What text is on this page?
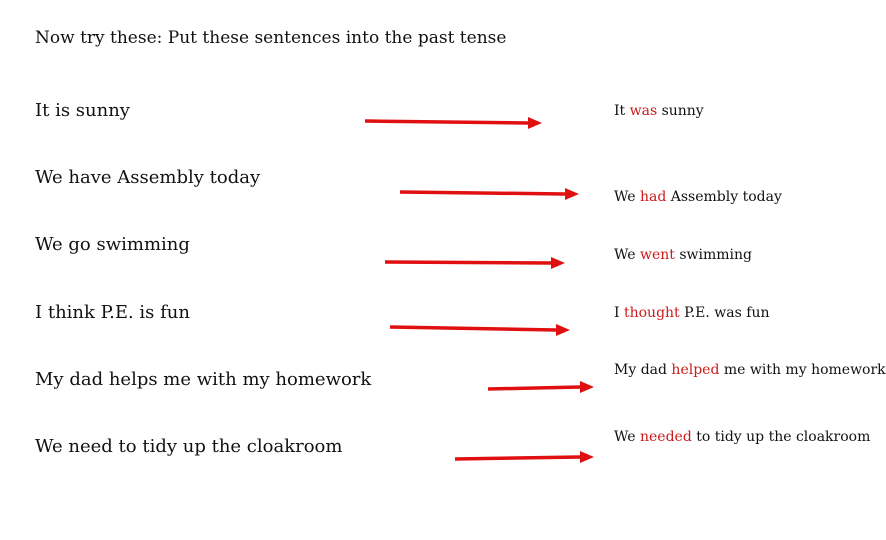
Now try these: Put these sentences into the past tense
It is sunny
We have Assembly today
We go swimming
I think P.E. is fun
My dad helps me with my homework
We need to tidy up the cloakroom
It was sunny
We had Assembly today
We went swimming
I thought P.E. was fun
My dad helped me with my homework
We needed to tidy up the cloakroom
